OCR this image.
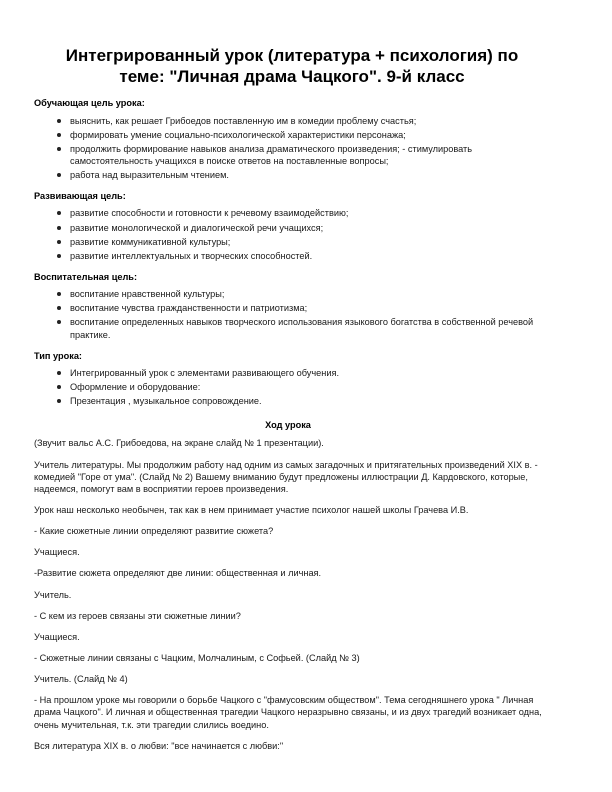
Интегрированный урок (литература + психология) по теме: "Личная драма Чацкого". 9-й класс
Обучающая цель урока:
выяснить, как решает Грибоедов поставленную им в комедии проблему счастья;
формировать умение социально-психологической характеристики персонажа;
продолжить формирование навыков анализа драматического произведения; - стимулировать самостоятельность учащихся в поиске ответов на поставленные вопросы;
работа над выразительным чтением.
Развивающая цель:
развитие способности и готовности к речевому взаимодействию;
развитие монологической и диалогической речи учащихся;
развитие коммуникативной культуры;
развитие интеллектуальных и творческих способностей.
Воспитательная цель:
воспитание нравственной культуры;
воспитание чувства гражданственности и патриотизма;
воспитание определенных навыков творческого использования языкового богатства в собственной речевой практике.
Тип урока:
Интегрированный урок с элементами развивающего обучения.
Оформление и оборудование:
Презентация , музыкальное сопровождение.
Ход урока

(Звучит вальс А.С. Грибоедова, на экране слайд № 1 презентации).

Учитель литературы. Мы продолжим работу над одним из самых загадочных и притягательных произведений XIX в. - комедией "Горе от ума". (Слайд № 2) Вашему вниманию будут предложены иллюстрации Д. Кардовского, которые, надеемся, помогут вам в восприятии героев произведения.

Урок наш несколько необычен, так как в нем принимает участие психолог нашей школы Грачева И.В.

- Какие сюжетные линии определяют развитие сюжета?

Учащиеся.

-Развитие сюжета определяют две линии: общественная и личная.

Учитель.

- С кем из героев связаны эти сюжетные линии?

Учащиеся.

- Сюжетные линии связаны с Чацким, Молчалиным, с Софьей. (Слайд № 3)

Учитель. (Слайд № 4)

- На прошлом уроке мы говорили о борьбе Чацкого с "фамусовским обществом". Тема сегодняшнего урока " Личная драма Чацкого". И личная и общественная трагедии Чацкого неразрывно связаны, и из двух трагедий возникает одна, очень мучительная, т.к. эти трагедии слились воедино.

Вся литература XIX в. о любви: "все начинается с любви:"
